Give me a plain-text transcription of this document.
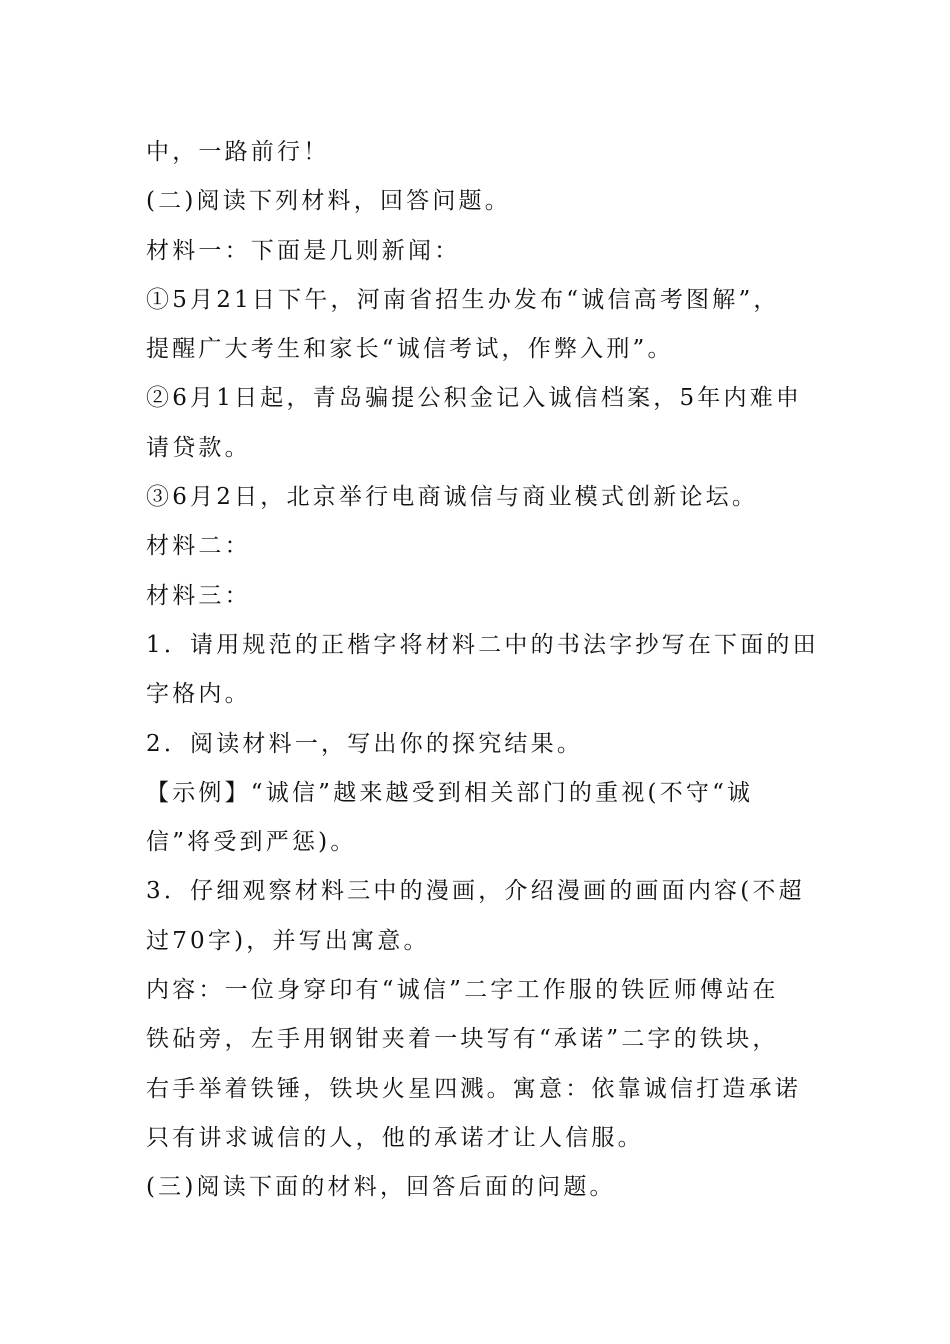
中，一路前行！
(二)阅读下列材料，回答问题。
材料一：下面是几则新闻：
①5月21日下午，河南省招生办发布“诚信高考图解”，
提醒广大考生和家长“诚信考试，作弊入刑”。
②6月1日起，青岛骗提公积金记入诚信档案，5年内难申
请贷款。
③6月2日，北京举行电商诚信与商业模式创新论坛。
材料二：
材料三：
1．请用规范的正楷字将材料二中的书法字抄写在下面的田
字格内。
2．阅读材料一，写出你的探究结果。
【示例】“诚信”越来越受到相关部门的重视(不守“诚
信”将受到严惩)。
3．仔细观察材料三中的漫画，介绍漫画的画面内容(不超
过70字)，并写出寓意。
内容：一位身穿印有“诚信”二字工作服的铁匠师傅站在
铁砧旁，左手用钢钳夹着一块写有“承诺”二字的铁块，
右手举着铁锤，铁块火星四溅。寓意：依靠诚信打造承诺
只有讲求诚信的人，他的承诺才让人信服。
(三)阅读下面的材料，回答后面的问题。
